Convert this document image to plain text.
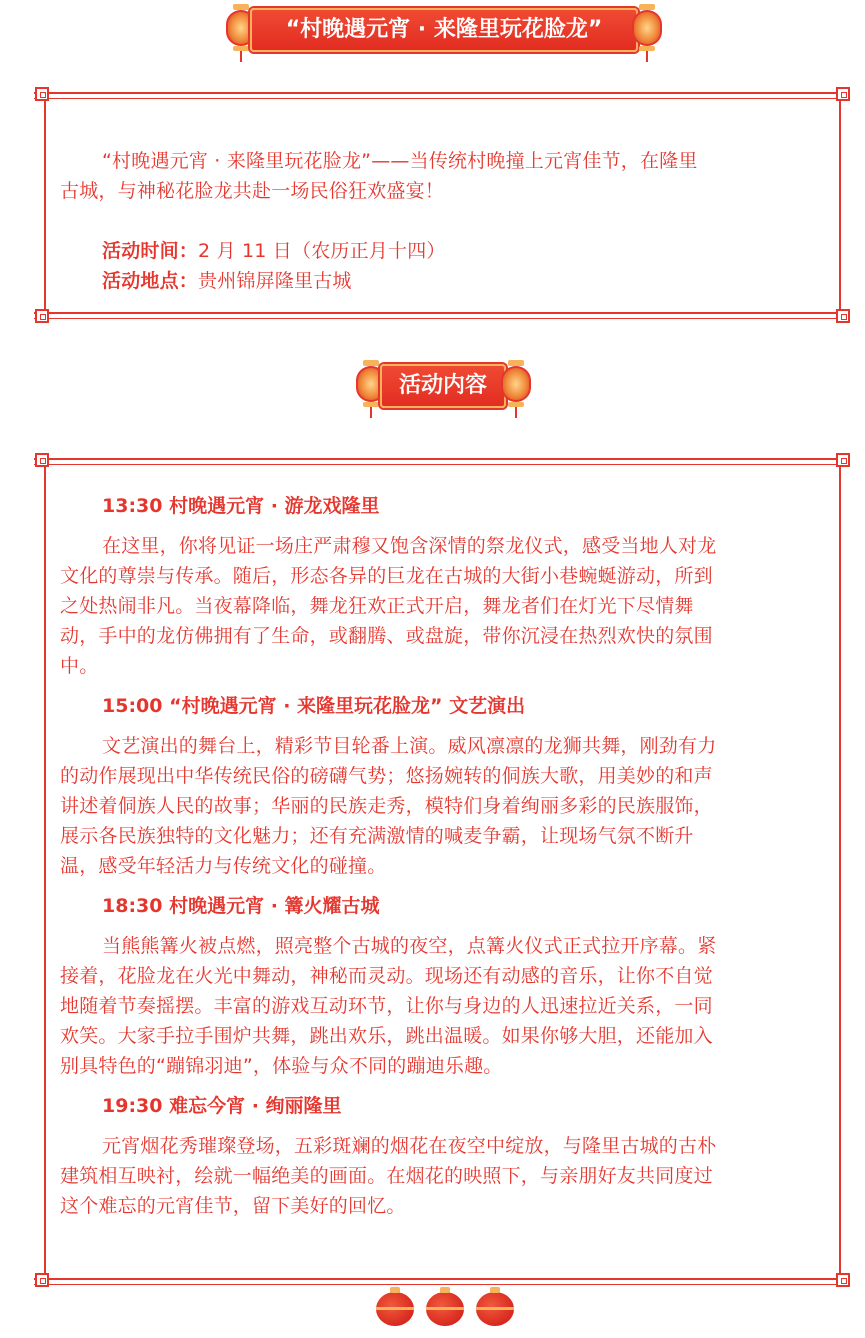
“村晚遇元宵 · 来隆里玩花脸龙”
“村晚遇元宵 · 来隆里玩花脸龙”——当传统村晚撞上元宵佳节，在隆里
古城，与神秘花脸龙共赴一场民俗狂欢盛宴！
活动时间：2 月 11 日（农历正月十四）
活动地点：贵州锦屏隆里古城
活动内容
13:30 村晚遇元宵 · 游龙戏隆里
在这里，你将见证一场庄严肃穆又饱含深情的祭龙仪式，感受当地人对龙
文化的尊崇与传承。随后，形态各异的巨龙在古城的大街小巷蜿蜒游动，所到
之处热闹非凡。当夜幕降临，舞龙狂欢正式开启，舞龙者们在灯光下尽情舞
动，手中的龙仿佛拥有了生命，或翻腾、或盘旋，带你沉浸在热烈欢快的氛围
中。
15:00 “村晚遇元宵 · 来隆里玩花脸龙” 文艺演出
文艺演出的舞台上，精彩节目轮番上演。威风凛凛的龙狮共舞，刚劲有力
的动作展现出中华传统民俗的磅礴气势；悠扬婉转的侗族大歌，用美妙的和声
讲述着侗族人民的故事；华丽的民族走秀，模特们身着绚丽多彩的民族服饰，
展示各民族独特的文化魅力；还有充满激情的喊麦争霸，让现场气氛不断升
温，感受年轻活力与传统文化的碰撞。
18:30 村晚遇元宵 · 篝火耀古城
当熊熊篝火被点燃，照亮整个古城的夜空，点篝火仪式正式拉开序幕。紧
接着，花脸龙在火光中舞动，神秘而灵动。现场还有动感的音乐，让你不自觉
地随着节奏摇摆。丰富的游戏互动环节，让你与身边的人迅速拉近关系，一同
欢笑。大家手拉手围炉共舞，跳出欢乐，跳出温暖。如果你够大胆，还能加入
别具特色的“蹦锦羽迪”，体验与众不同的蹦迪乐趣。
19:30 难忘今宵 · 绚丽隆里
元宵烟花秀璀璨登场，五彩斑斓的烟花在夜空中绽放，与隆里古城的古朴
建筑相互映衬，绘就一幅绝美的画面。在烟花的映照下，与亲朋好友共同度过
这个难忘的元宵佳节，留下美好的回忆。
